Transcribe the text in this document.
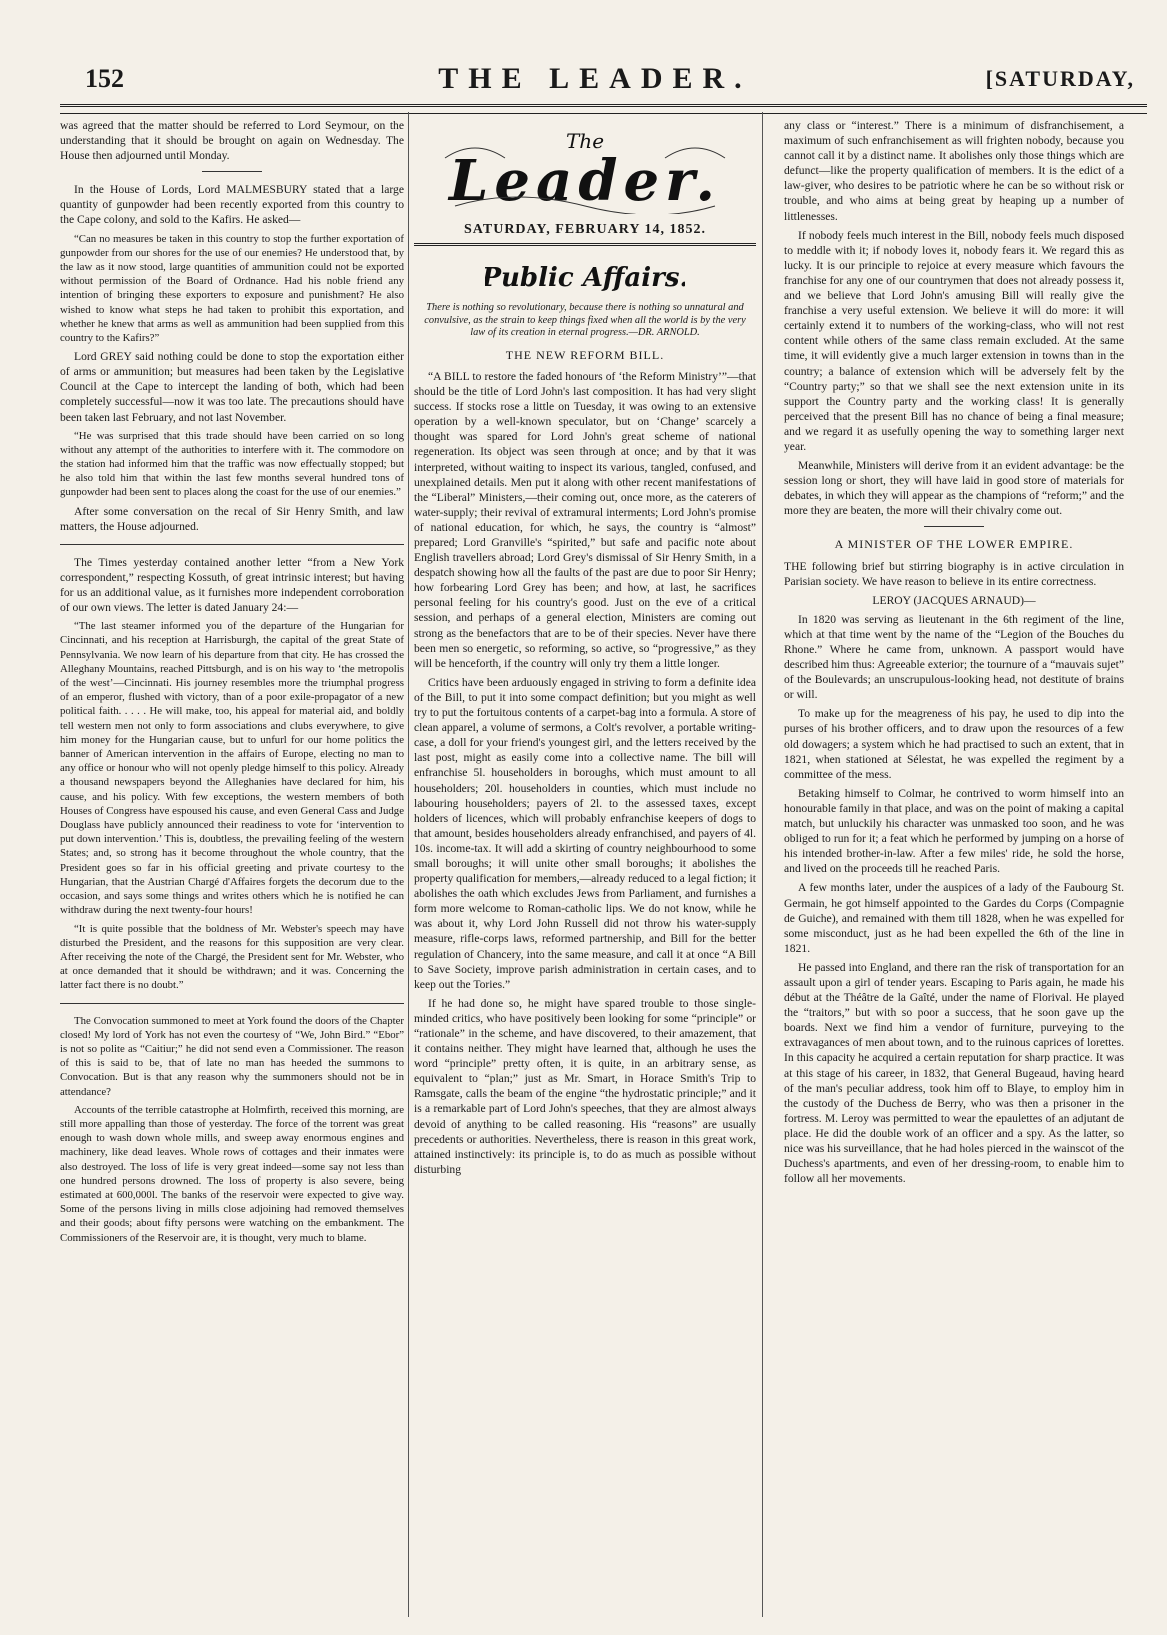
152	THE LEADER.	[SATURDAY,

was agreed that the matter should be referred to Lord Seymour, on the understanding that it should be brought on again on Wednesday. The House then adjourned until Monday.

In the House of Lords, Lord MALMESBURY stated that a large quantity of gunpowder had been recently exported from this country to the Cape colony, and sold to the Kafirs. He asked—

“Can no measures be taken in this country to stop the further exportation of gunpowder from our shores for the use of our enemies? He understood that, by the law as it now stood, large quantities of ammunition could not be exported without permission of the Board of Ordnance. Had his noble friend any intention of bringing these exporters to exposure and punishment? He also wished to know what steps he had taken to prohibit this exportation, and whether he knew that arms as well as ammunition had been supplied from this country to the Kafirs?”

Lord GREY said nothing could be done to stop the exportation either of arms or ammunition; but measures had been taken by the Legislative Council at the Cape to intercept the landing of both, which had been completely successful—now it was too late. The precautions should have been taken last February, and not last November.

“He was surprised that this trade should have been carried on so long without any attempt of the authorities to interfere with it. The commodore on the station had informed him that the traffic was now effectually stopped; but he also told him that within the last few months several hundred tons of gunpowder had been sent to places along the coast for the use of our enemies.”

After some conversation on the recal of Sir Henry Smith, and law matters, the House adjourned.

The Times yesterday contained another letter “from a New York correspondent,” respecting Kossuth, of great intrinsic interest; but having for us an additional value, as it furnishes more independent corroboration of our own views. The letter is dated January 24:—

“The last steamer informed you of the departure of the Hungarian for Cincinnati, and his reception at Harrisburgh, the capital of the great State of Pennsylvania. We now learn of his departure from that city. He has crossed the Alleghany Mountains, reached Pittsburgh, and is on his way to ‘the metropolis of the west’—Cincinnati. His journey resembles more the triumphal progress of an emperor, flushed with victory, than of a poor exile-propagator of a new political faith. . . . . He will make, too, his appeal for material aid, and boldly tell western men not only to form associations and clubs everywhere, to give him money for the Hungarian cause, but to unfurl for our home politics the banner of American intervention in the affairs of Europe, electing no man to any office or honour who will not openly pledge himself to this policy. Already a thousand newspapers beyond the Alleghanies have declared for him, his cause, and his policy. With few exceptions, the western members of both Houses of Congress have espoused his cause, and even General Cass and Judge Douglass have publicly announced their readiness to vote for ‘intervention to put down intervention.’ This is, doubtless, the prevailing feeling of the western States; and, so strong has it become throughout the whole country, that the President goes so far in his official greeting and private courtesy to the Hungarian, that the Austrian Chargé d'Affaires forgets the decorum due to the occasion, and says some things and writes others which he is notified he can withdraw during the next twenty-four hours!

“It is quite possible that the boldness of Mr. Webster's speech may have disturbed the President, and the reasons for this supposition are very clear. After receiving the note of the Chargé, the President sent for Mr. Webster, who at once demanded that it should be withdrawn; and it was. Concerning the latter fact there is no doubt.”

The Convocation summoned to meet at York found the doors of the Chapter closed! My lord of York has not even the courtesy of “We, John Bird.” “Ebor” is not so polite as “Caitiur;” he did not send even a Commissioner. The reason of this is said to be, that of late no man has heeded the summons to Convocation. But is that any reason why the summoners should not be in attendance?

Accounts of the terrible catastrophe at Holmfirth, received this morning, are still more appalling than those of yesterday. The force of the torrent was great enough to wash down whole mills, and sweep away enormous engines and machinery, like dead leaves. Whole rows of cottages and their inmates were also destroyed. The loss of life is very great indeed—some say not less than one hundred persons drowned. The loss of property is also severe, being estimated at 600,000l. The banks of the reservoir were expected to give way. Some of the persons living in mills close adjoining had removed themselves and their goods; about fifty persons were watching on the embankment. The Commissioners of the Reservoir are, it is thought, very much to blame.

The
Leader.
SATURDAY, FEBRUARY 14, 1852.
Public Affairs.
There is nothing so revolutionary, because there is nothing so unnatural and convulsive, as the strain to keep things fixed when all the world is by the very law of its creation in eternal progress.—DR. ARNOLD.
THE NEW REFORM BILL.

“A BILL to restore the faded honours of ‘the Reform Ministry’”—that should be the title of Lord John's last composition. It has had very slight success. If stocks rose a little on Tuesday, it was owing to an extensive operation by a well-known speculator, but on ‘Change’ scarcely a thought was spared for Lord John's great scheme of national regeneration. Its object was seen through at once; and by that it was interpreted, without waiting to inspect its various, tangled, confused, and unexplained details. Men put it along with other recent manifestations of the “Liberal” Ministers,—their coming out, once more, as the caterers of water-supply; their revival of extramural interments; Lord John's promise of national education, for which, he says, the country is “almost” prepared; Lord Granville's “spirited,” but safe and pacific note about English travellers abroad; Lord Grey's dismissal of Sir Henry Smith, in a despatch showing how all the faults of the past are due to poor Sir Henry; how forbearing Lord Grey has been; and how, at last, he sacrifices personal feeling for his country's good. Just on the eve of a critical session, and perhaps of a general election, Ministers are coming out strong as the benefactors that are to be of their species. Never have there been men so energetic, so reforming, so active, so “progressive,” as they will be henceforth, if the country will only try them a little longer.

Critics have been arduously engaged in striving to form a definite idea of the Bill, to put it into some compact definition; but you might as well try to put the fortuitous contents of a carpet-bag into a formula. A store of clean apparel, a volume of sermons, a Colt's revolver, a portable writing-case, a doll for your friend's youngest girl, and the letters received by the last post, might as easily come into a collective name. The bill will enfranchise 5l. householders in boroughs, which must amount to all householders; 20l. householders in counties, which must include no labouring householders; payers of 2l. to the assessed taxes, except holders of licences, which will probably enfranchise keepers of dogs to that amount, besides householders already enfranchised, and payers of 4l. 10s. income-tax. It will add a skirting of country neighbourhood to some small boroughs; it will unite other small boroughs; it abolishes the property qualification for members,—already reduced to a legal fiction; it abolishes the oath which excludes Jews from Parliament, and furnishes a form more welcome to Roman-catholic lips. We do not know, while he was about it, why Lord John Russell did not throw his water-supply measure, rifle-corps laws, reformed partnership, and Bill for the better regulation of Chancery, into the same measure, and call it at once “A Bill to Save Society, improve parish administration in certain cases, and to keep out the Tories.”

If he had done so, he might have spared trouble to those single-minded critics, who have positively been looking for some “principle” or “rationale” in the scheme, and have discovered, to their amazement, that it contains neither. They might have learned that, although he uses the word “principle” pretty often, it is quite, in an arbitrary sense, as equivalent to “plan;” just as Mr. Smart, in Horace Smith's Trip to Ramsgate, calls the beam of the engine “the hydrostatic principle;” and it is a remarkable part of Lord John's speeches, that they are almost always devoid of anything to be called reasoning. His “reasons” are usually precedents or authorities. Nevertheless, there is reason in this great work, attained instinctively: its principle is, to do as much as possible without disturbing

any class or “interest.” There is a minimum of disfranchisement, a maximum of such enfranchisement as will frighten nobody, because you cannot call it by a distinct name. It abolishes only those things which are defunct—like the property qualification of members. It is the edict of a law-giver, who desires to be patriotic where he can be so without risk or trouble, and who aims at being great by heaping up a number of littlenesses.

If nobody feels much interest in the Bill, nobody feels much disposed to meddle with it; if nobody loves it, nobody fears it. We regard this as lucky. It is our principle to rejoice at every measure which favours the franchise for any one of our countrymen that does not already possess it, and we believe that Lord John's amusing Bill will really give the franchise a very useful extension. We believe it will do more: it will certainly extend it to numbers of the working-class, who will not rest content while others of the same class remain excluded. At the same time, it will evidently give a much larger extension in towns than in the country; a balance of extension which will be adversely felt by the “Country party;” so that we shall see the next extension unite in its support the Country party and the working class! It is generally perceived that the present Bill has no chance of being a final measure; and we regard it as usefully opening the way to something larger next year.

Meanwhile, Ministers will derive from it an evident advantage: be the session long or short, they will have laid in good store of materials for debates, in which they will appear as the champions of “reform;” and the more they are beaten, the more will their chivalry come out.

A MINISTER OF THE LOWER EMPIRE.

THE following brief but stirring biography is in active circulation in Parisian society. We have reason to believe in its entire correctness.

LEROY (JACQUES ARNAUD)—

In 1820 was serving as lieutenant in the 6th regiment of the line, which at that time went by the name of the “Legion of the Bouches du Rhone.” Where he came from, unknown. A passport would have described him thus: Agreeable exterior; the tournure of a “mauvais sujet” of the Boulevards; an unscrupulous-looking head, not destitute of brains or will.

To make up for the meagreness of his pay, he used to dip into the purses of his brother officers, and to draw upon the resources of a few old dowagers; a system which he had practised to such an extent, that in 1821, when stationed at Sélestat, he was expelled the regiment by a committee of the mess.

Betaking himself to Colmar, he contrived to worm himself into an honourable family in that place, and was on the point of making a capital match, but unluckily his character was unmasked too soon, and he was obliged to run for it; a feat which he performed by jumping on a horse of his intended brother-in-law. After a few miles' ride, he sold the horse, and lived on the proceeds till he reached Paris.

A few months later, under the auspices of a lady of the Faubourg St. Germain, he got himself appointed to the Gardes du Corps (Compagnie de Guiche), and remained with them till 1828, when he was expelled for some misconduct, just as he had been expelled the 6th of the line in 1821.

He passed into England, and there ran the risk of transportation for an assault upon a girl of tender years. Escaping to Paris again, he made his début at the Théâtre de la Gaîté, under the name of Florival. He played the “traitors,” but with so poor a success, that he soon gave up the boards. Next we find him a vendor of furniture, purveying to the extravagances of men about town, and to the ruinous caprices of lorettes. In this capacity he acquired a certain reputation for sharp practice. It was at this stage of his career, in 1832, that General Bugeaud, having heard of the man's peculiar address, took him off to Blaye, to employ him in the custody of the Duchess de Berry, who was then a prisoner in the fortress. M. Leroy was permitted to wear the epaulettes of an adjutant de place. He did the double work of an officer and a spy. As the latter, so nice was his surveillance, that he had holes pierced in the wainscot of the Duchess's apartments, and even of her dressing-room, to enable him to follow all her movements.
